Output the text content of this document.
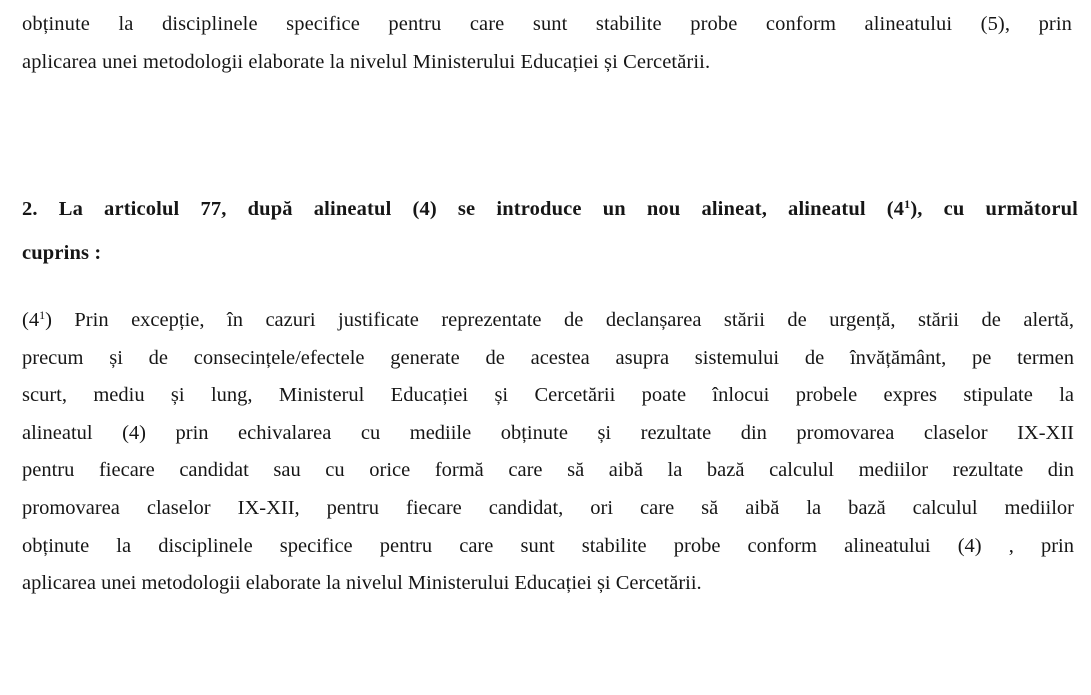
obținute la disciplinele specifice pentru care sunt stabilite probe conform alineatului (5), prin
aplicarea unei metodologii elaborate la nivelul Ministerului Educației și Cercetării.

2. La articolul 77, după alineatul (4) se introduce un nou alineat, alineatul $(4^1)$, cu următorul
cuprins :

$(4^1)$ Prin excepție, în cazuri justificate reprezentate de declanșarea stării de urgență, stării de alertă,
precum și de consecințele/efectele generate de acestea asupra sistemului de învățământ, pe termen
scurt, mediu și lung, Ministerul Educației și Cercetării poate înlocui probele expres stipulate la
alineatul (4) prin echivalarea cu mediile obținute și rezultate din promovarea claselor IX-XII
pentru fiecare candidat sau cu orice formă care să aibă la bază calculul mediilor rezultate din
promovarea claselor IX-XII, pentru fiecare candidat, ori care să aibă la bază calculul mediilor
obținute la disciplinele specifice pentru care sunt stabilite probe conform alineatului (4) , prin
aplicarea unei metodologii elaborate la nivelul Ministerului Educației și Cercetării.
